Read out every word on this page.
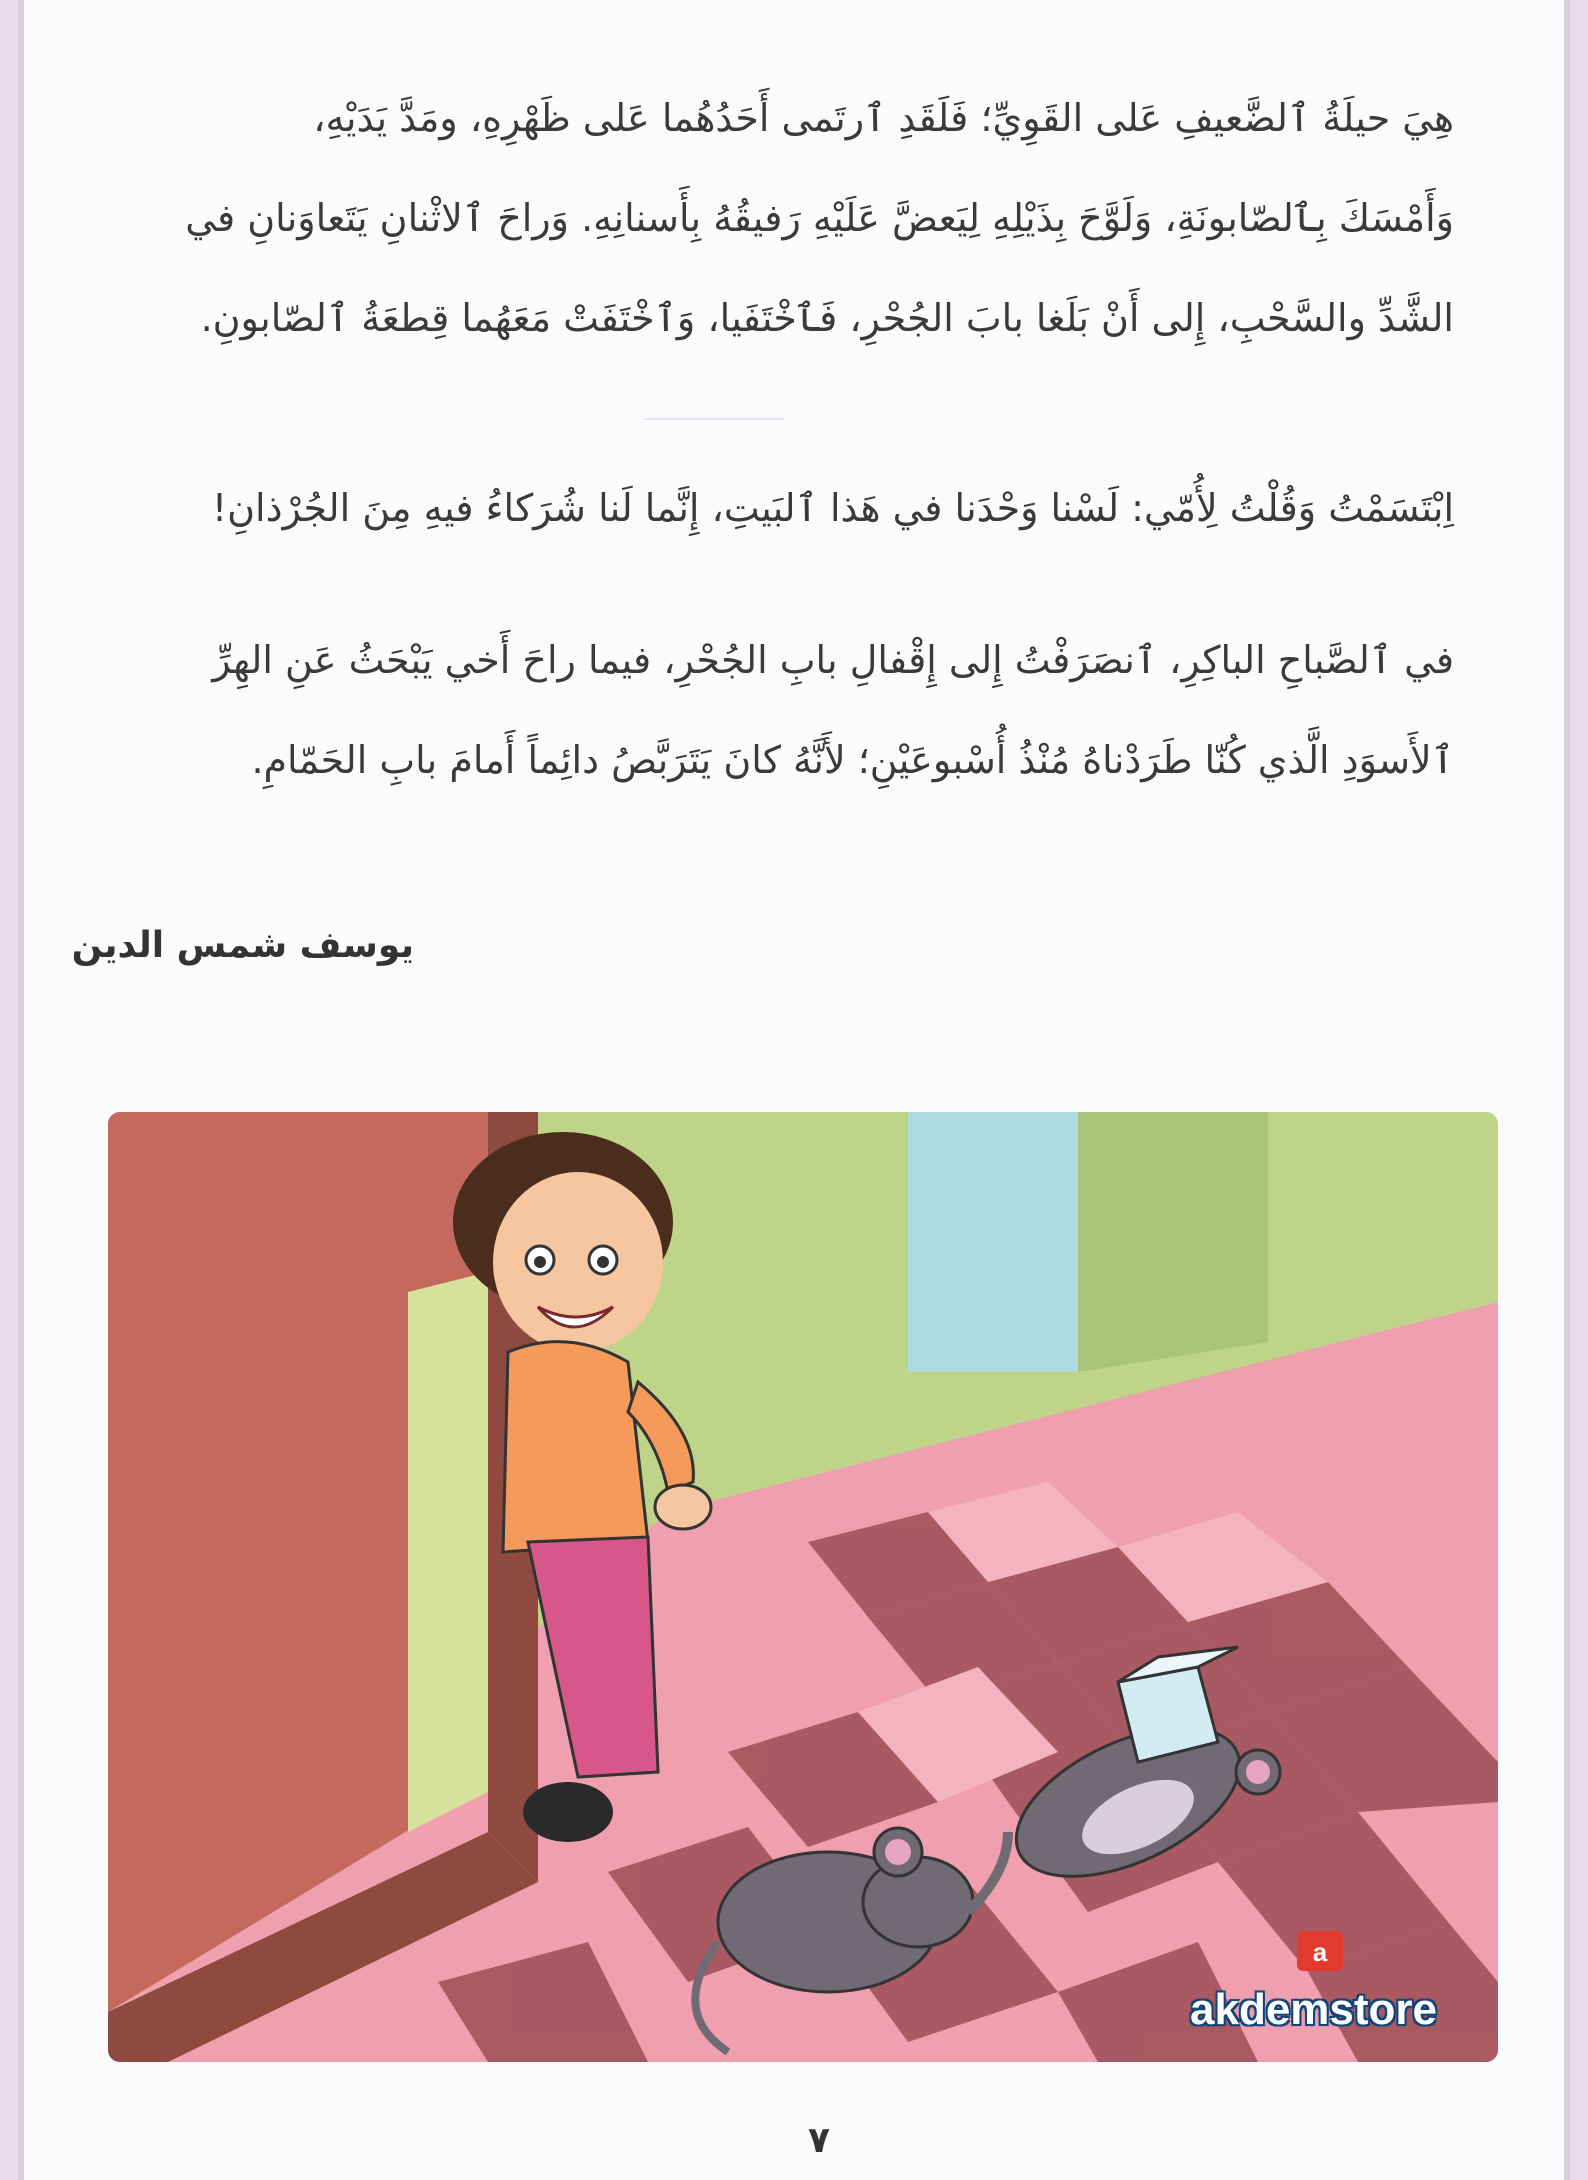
هِيَ حيلَةُ ٱلضَّعيفِ عَلى القَوِيِّ؛ فَلَقَدِ ٱرتَمى أَحَدُهُما عَلى ظَهْرِهِ، ومَدَّ يَدَيْهِ،
وَأَمْسَكَ بِٱلصّابونَةِ، وَلَوَّحَ بِذَيْلِهِ لِيَعضَّ عَلَيْهِ رَفيقُهُ بِأَسنانِهِ. وَراحَ ٱلاثْنانِ يَتَعاوَنانِ في
الشَّدِّ والسَّحْبِ، إِلى أَنْ بَلَغا بابَ الجُحْرِ، فَٱخْتَفَيا، وَٱخْتَفَتْ مَعَهُما قِطعَةُ ٱلصّابونِ.
اِبْتَسَمْتُ وَقُلْتُ لِأُمّي: لَسْنا وَحْدَنا في هَذا ٱلبَيتِ، إِنَّما لَنا شُرَكاءُ فيهِ مِنَ الجُرْذانِ!
في ٱلصَّباحِ الباكِرِ، ٱنصَرَفْتُ إِلى إِقْفالِ بابِ الجُحْرِ، فيما راحَ أَخي يَبْحَثُ عَنِ الهِرِّ
ٱلأَسوَدِ الَّذي كُنّا طَرَدْناهُ مُنْذُ أُسْبوعَيْنِ؛ لأَنَّهُ كانَ يَتَرَبَّصُ دائِماً أَمامَ بابِ الحَمّامِ.
يوسف شمس الدين
a
akdemstore
٧
